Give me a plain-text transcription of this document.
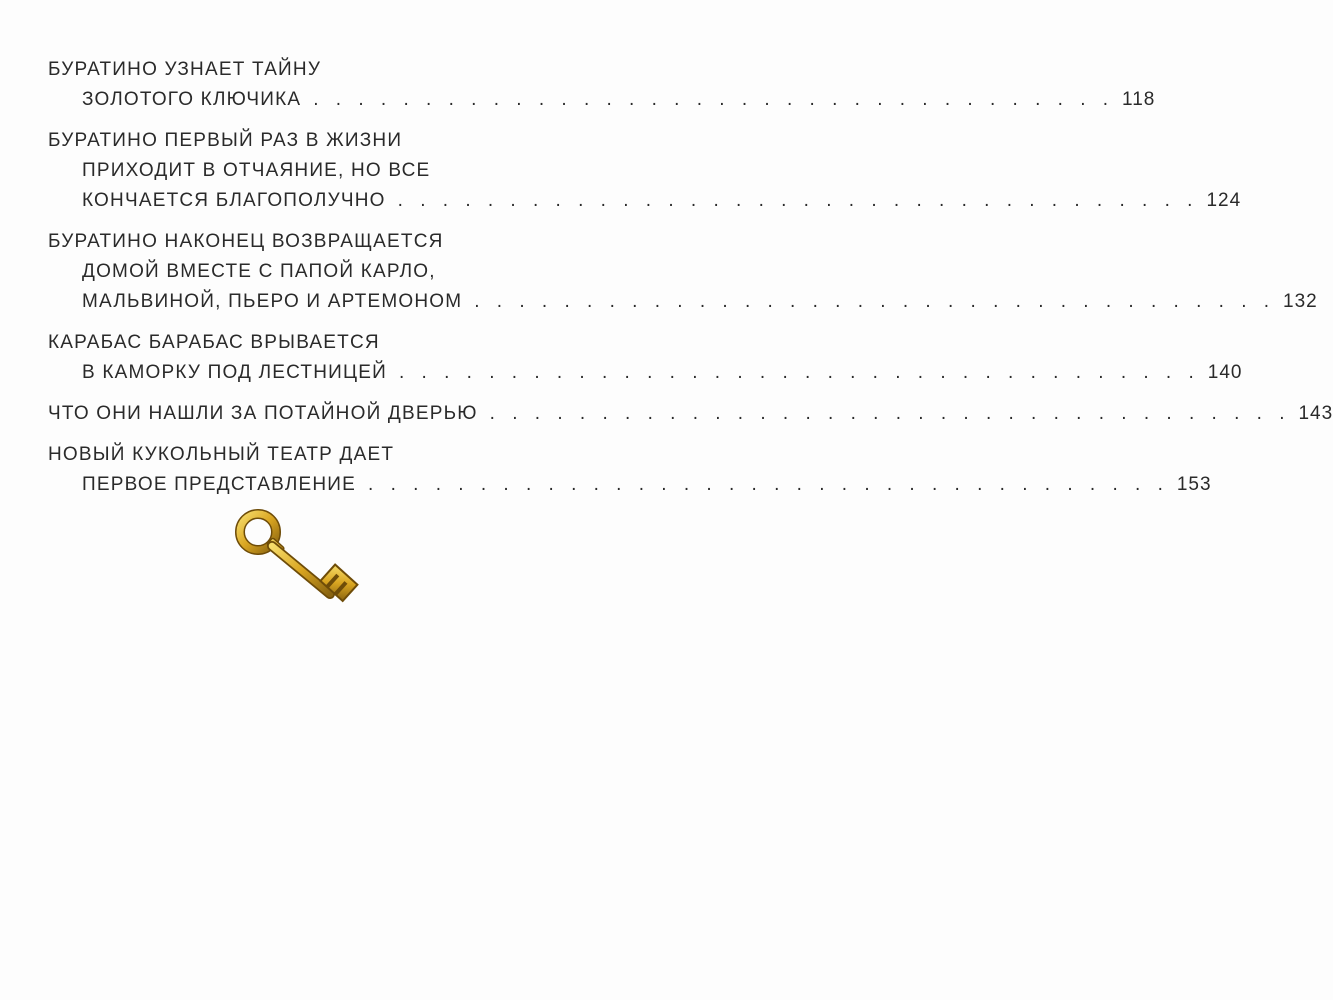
БУРАТИНО УЗНАЕТ ТАЙНУ
ЗОЛОТОГО КЛЮЧИКА . . . . . . . . . . . . . . . . . . . . . . . . . . . . . . . . . . . . 118
БУРАТИНО ПЕРВЫЙ РАЗ В ЖИЗНИ
ПРИХОДИТ В ОТЧАЯНИЕ, НО ВСЕ
КОНЧАЕТСЯ БЛАГОПОЛУЧНО . . . . . . . . . . . . . . . . . . . . . . . . . . . . . . . . . . . . 124
БУРАТИНО НАКОНЕЦ ВОЗВРАЩАЕТСЯ
ДОМОЙ ВМЕСТЕ С ПАПОЙ КАРЛО,
МАЛЬВИНОЙ, ПЬЕРО И АРТЕМОНОМ . . . . . . . . . . . . . . . . . . . . . . . . . . . . . . . . . . . . 132
КАРАБАС БАРАБАС ВРЫВАЕТСЯ
В КАМОРКУ ПОД ЛЕСТНИЦЕЙ . . . . . . . . . . . . . . . . . . . . . . . . . . . . . . . . . . . . 140
ЧТО ОНИ НАШЛИ ЗА ПОТАЙНОЙ ДВЕРЬЮ . . . . . . . . . . . . . . . . . . . . . . . . . . . . . . . . . . . . 143
НОВЫЙ КУКОЛЬНЫЙ ТЕАТР ДАЕТ
ПЕРВОЕ ПРЕДСТАВЛЕНИЕ . . . . . . . . . . . . . . . . . . . . . . . . . . . . . . . . . . . . 153
